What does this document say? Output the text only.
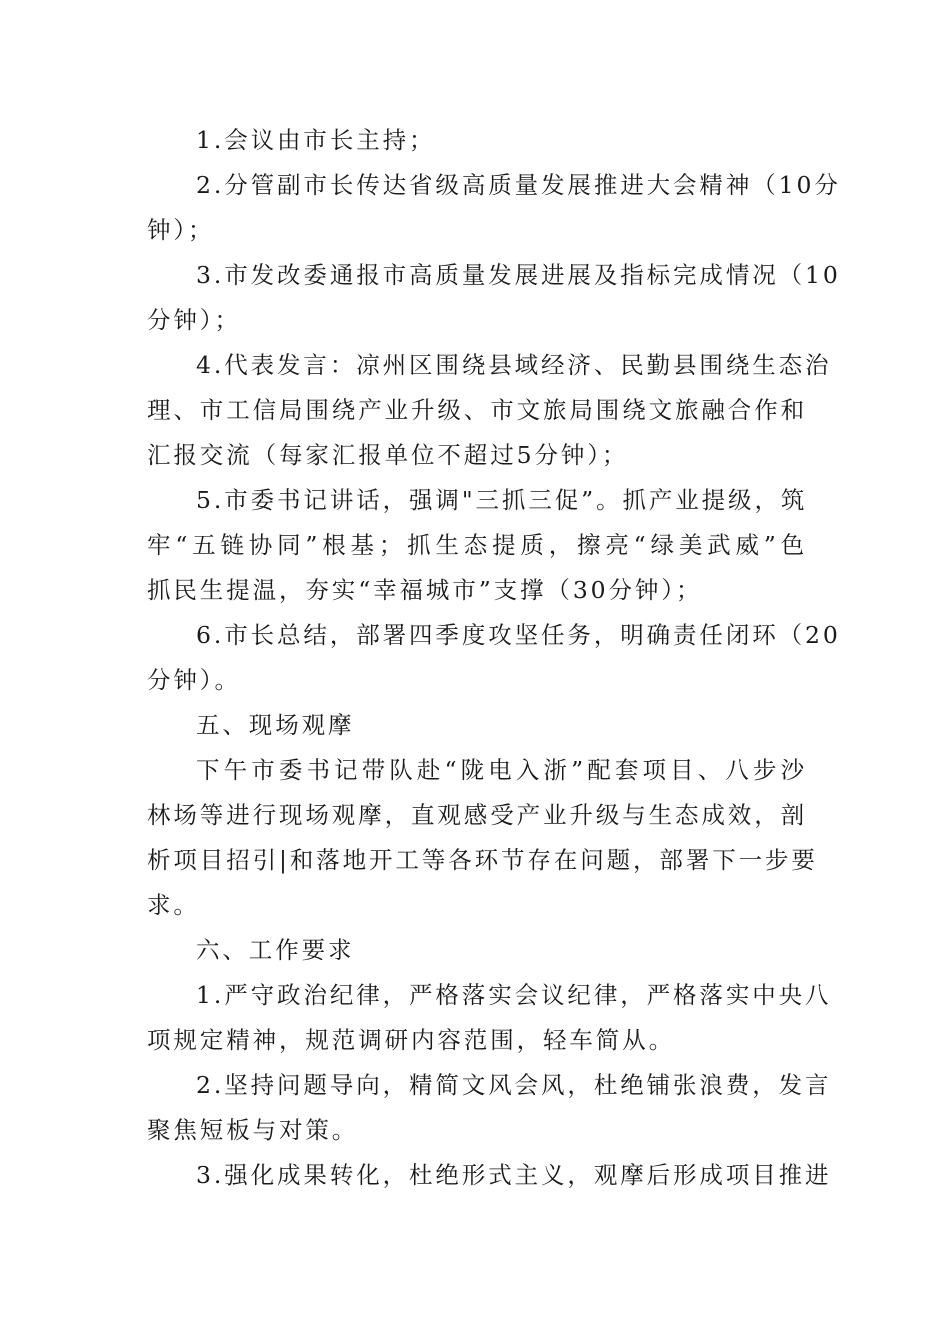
1.会议由市长主持；
2.分管副市长传达省级高质量发展推进大会精神（10分
钟）；
3.市发改委通报市高质量发展进展及指标完成情况（10
分钟）；
4.代表发言：凉州区围绕县域经济、民勤县围绕生态治
理、市工信局围绕产业升级、市文旅局围绕文旅融合作和
汇报交流（每家汇报单位不超过5分钟）；
5.市委书记讲话，强调"三抓三促”。抓产业提级，筑
牢“五链协同”根基；抓生态提质，擦亮“绿美武威”色
抓民生提温，夯实“幸福城市”支撑（30分钟）；
6.市长总结，部署四季度攻坚任务，明确责任闭环（20
分钟）。
五、现场观摩
下午市委书记带队赴“陇电入浙”配套项目、八步沙
林场等进行现场观摩，直观感受产业升级与生态成效，剖
析项目招引|和落地开工等各环节存在问题，部署下一步要
求。
六、工作要求
1.严守政治纪律，严格落实会议纪律，严格落实中央八
项规定精神，规范调研内容范围，轻车简从。
2.坚持问题导向，精简文风会风，杜绝铺张浪费，发言
聚焦短板与对策。
3.强化成果转化，杜绝形式主义，观摩后形成项目推进
